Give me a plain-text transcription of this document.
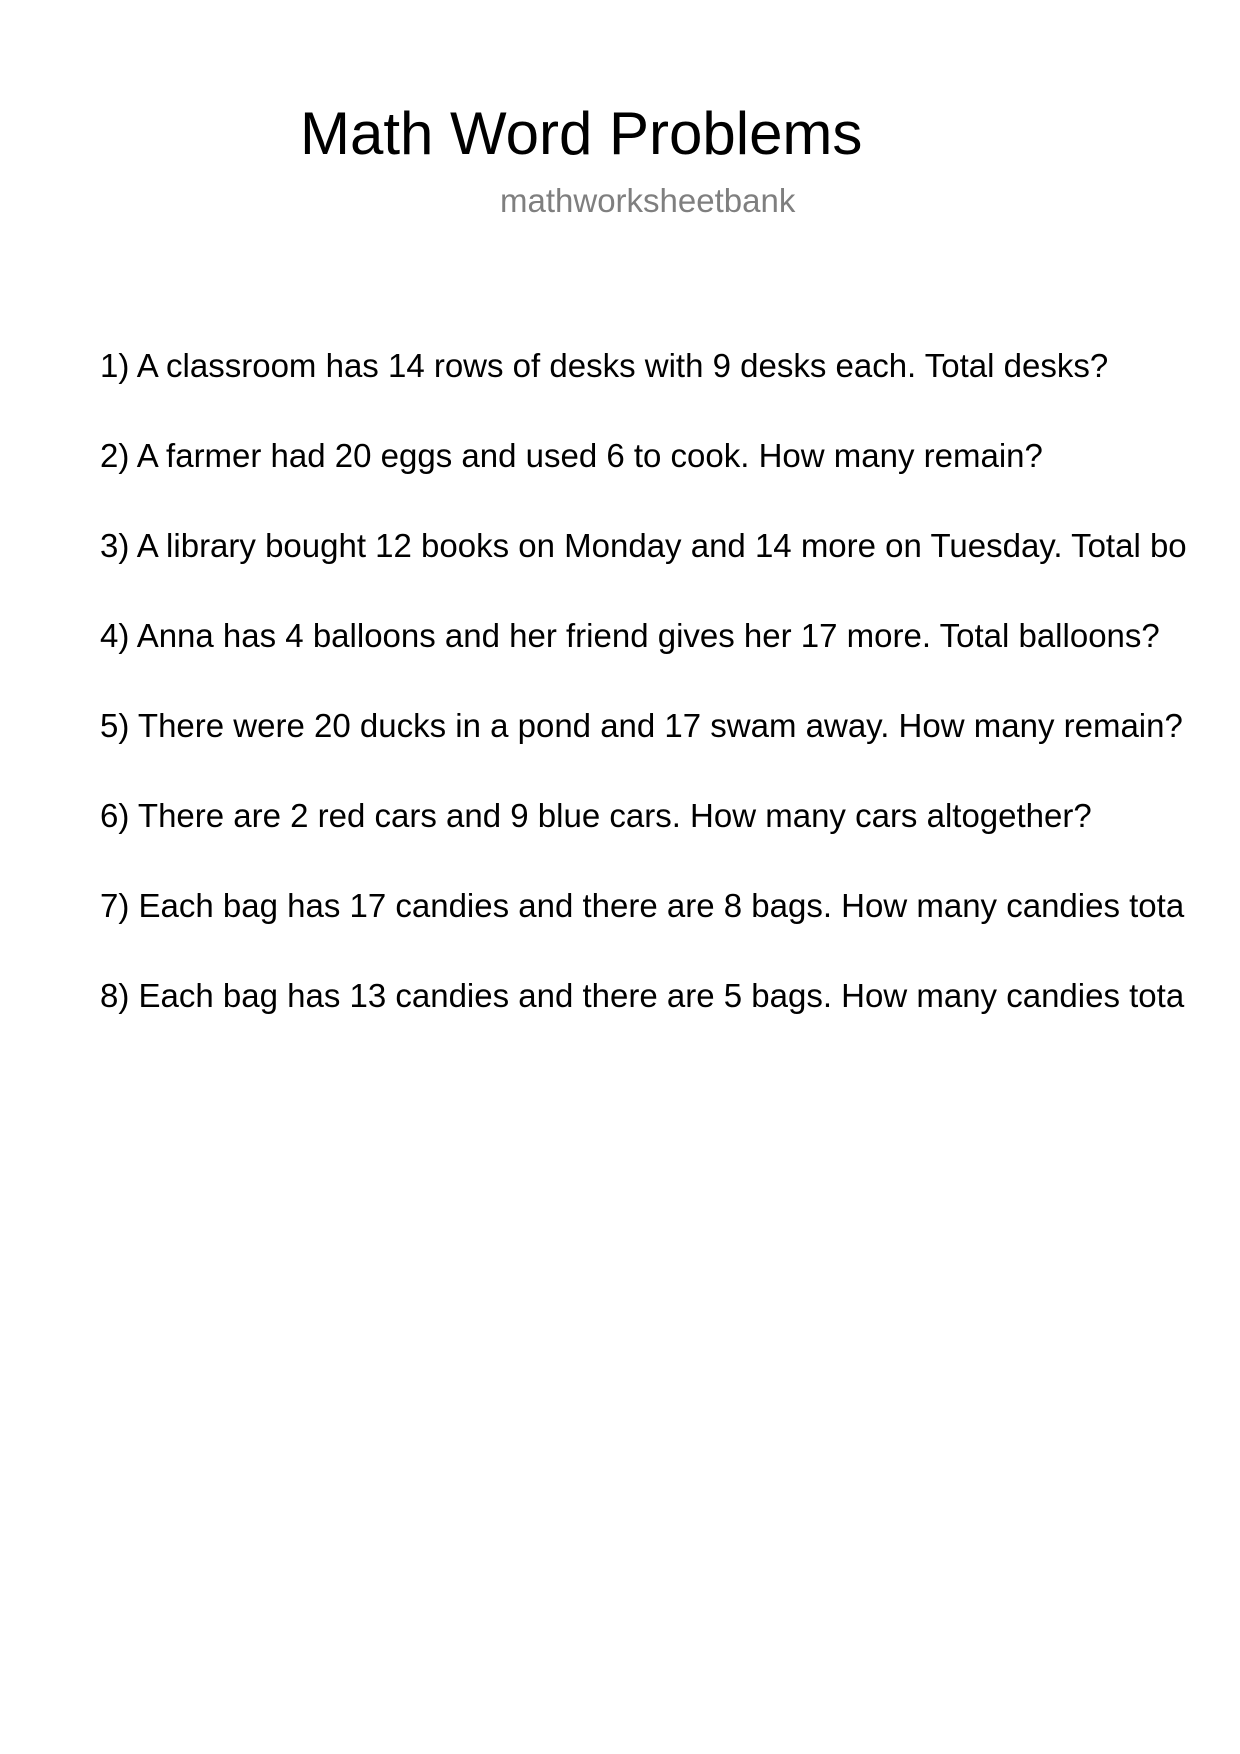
Math Word Problems
mathworksheetbank
1) A classroom has 14 rows of desks with 9 desks each. Total desks?
2) A farmer had 20 eggs and used 6 to cook. How many remain?
3) A library bought 12 books on Monday and 14 more on Tuesday. Total bo
4) Anna has 4 balloons and her friend gives her 17 more. Total balloons?
5) There were 20 ducks in a pond and 17 swam away. How many remain?
6) There are 2 red cars and 9 blue cars. How many cars altogether?
7) Each bag has 17 candies and there are 8 bags. How many candies tota
8) Each bag has 13 candies and there are 5 bags. How many candies tota
